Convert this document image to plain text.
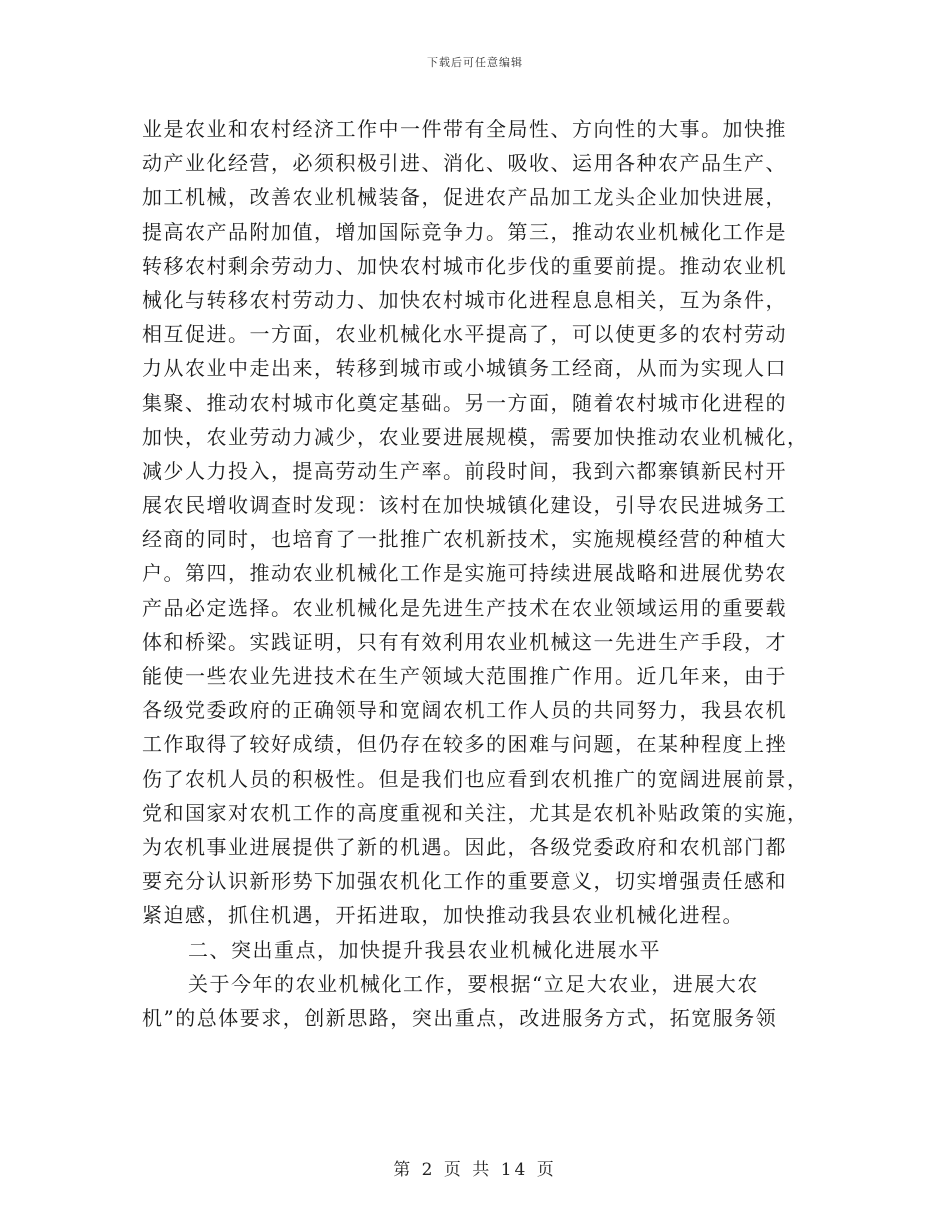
下载后可任意编辑
业是农业和农村经济工作中一件带有全局性、方向性的大事。加快推
动产业化经营，必须积极引进、消化、吸收、运用各种农产品生产、
加工机械，改善农业机械装备，促进农产品加工龙头企业加快进展，
提高农产品附加值，增加国际竞争力。第三，推动农业机械化工作是
转移农村剩余劳动力、加快农村城市化步伐的重要前提。推动农业机
械化与转移农村劳动力、加快农村城市化进程息息相关，互为条件，
相互促进。一方面，农业机械化水平提高了，可以使更多的农村劳动
力从农业中走出来，转移到城市或小城镇务工经商，从而为实现人口
集聚、推动农村城市化奠定基础。另一方面，随着农村城市化进程的
加快，农业劳动力减少，农业要进展规模，需要加快推动农业机械化，
减少人力投入，提高劳动生产率。前段时间，我到六都寨镇新民村开
展农民增收调查时发现：该村在加快城镇化建设，引导农民进城务工
经商的同时，也培育了一批推广农机新技术，实施规模经营的种植大
户。第四，推动农业机械化工作是实施可持续进展战略和进展优势农
产品必定选择。农业机械化是先进生产技术在农业领域运用的重要载
体和桥梁。实践证明，只有有效利用农业机械这一先进生产手段，才
能使一些农业先进技术在生产领域大范围推广作用。近几年来，由于
各级党委政府的正确领导和宽阔农机工作人员的共同努力，我县农机
工作取得了较好成绩，但仍存在较多的困难与问题，在某种程度上挫
伤了农机人员的积极性。但是我们也应看到农机推广的宽阔进展前景，
党和国家对农机工作的高度重视和关注，尤其是农机补贴政策的实施，
为农机事业进展提供了新的机遇。因此，各级党委政府和农机部门都
要充分认识新形势下加强农机化工作的重要意义，切实增强责任感和
紧迫感，抓住机遇，开拓进取，加快推动我县农业机械化进程。
二、突出重点，加快提升我县农业机械化进展水平
关于今年的农业机械化工作，要根据“立足大农业，进展大农
机”的总体要求，创新思路，突出重点，改进服务方式，拓宽服务领
第 2 页 共 14 页
